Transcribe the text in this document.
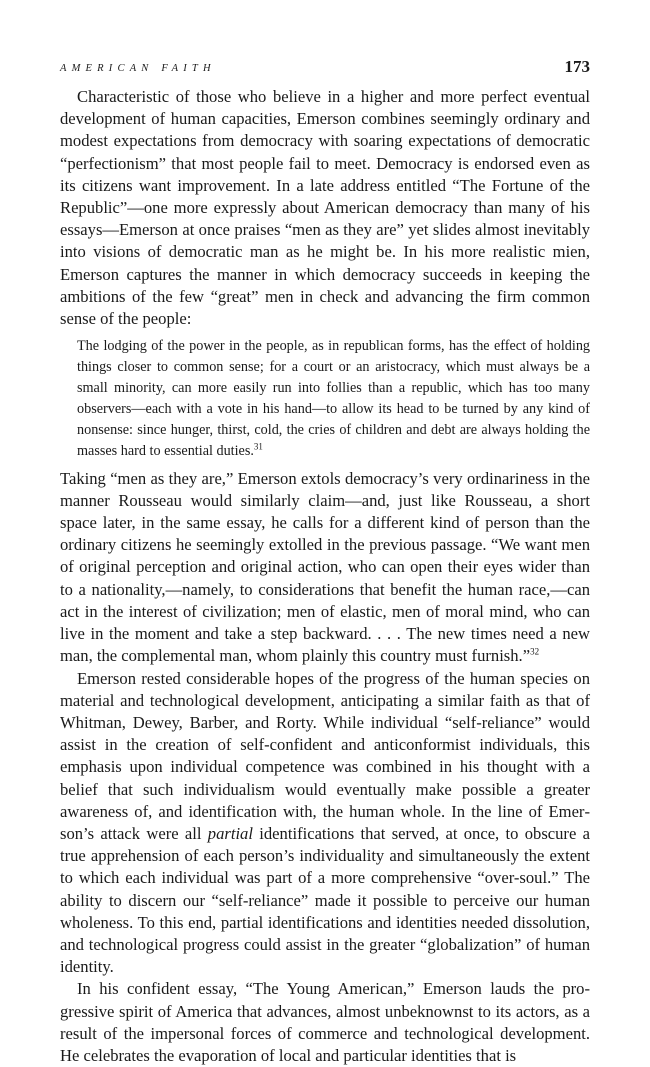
AMERICAN FAITH	173

Characteristic of those who believe in a higher and more perfect eventual development of human capacities, Emerson combines seemingly ordinary and modest expectations from democracy with soaring expectations of democratic “perfectionism” that most people fail to meet. Democracy is endorsed even as its citizens want improvement. In a late address entitled “The Fortune of the Republic”—one more expressly about American democracy than many of his essays—Emerson at once praises “men as they are” yet slides almost inevitably into visions of democratic man as he might be. In his more realistic mien, Emerson captures the manner in which democracy succeeds in keeping the ambitions of the few “great” men in check and advancing the firm common sense of the people:

The lodging of the power in the people, as in republican forms, has the effect of holding things closer to common sense; for a court or an aristocracy, which must always be a small minority, can more easily run into follies than a republic, which has too many observers—each with a vote in his hand—to allow its head to be turned by any kind of nonsense: since hunger, thirst, cold, the cries of children and debt are always holding the masses hard to essential duties.$^{31}$

Taking “men as they are,” Emerson extols democracy’s very ordinariness in the manner Rousseau would similarly claim—and, just like Rousseau, a short space later, in the same essay, he calls for a different kind of person than the ordinary citizens he seemingly extolled in the previous passage. “We want men of original perception and original action, who can open their eyes wider than to a nationality,—namely, to considerations that benefit the human race,—can act in the interest of civilization; men of elastic, men of moral mind, who can live in the moment and take a step backward. . . . The new times need a new man, the complemental man, whom plainly this country must furnish.”$^{32}$

Emerson rested considerable hopes of the progress of the human species on material and technological development, anticipating a similar faith as that of Whitman, Dewey, Barber, and Rorty. While individual “self-reliance” would assist in the creation of self-confident and anticonformist individuals, this emphasis upon individual competence was combined in his thought with a belief that such individualism would eventually make possible a greater awareness of, and identification with, the human whole. In the line of Emerson’s attack were all partial identifications that served, at once, to obscure a true apprehension of each person’s individuality and simultaneously the extent to which each individual was part of a more comprehensive “over-soul.” The ability to discern our “self-reliance” made it possible to perceive our human wholeness. To this end, partial identifications and identities needed dissolution, and technological progress could assist in the greater “globalization” of human identity.

In his confident essay, “The Young American,” Emerson lauds the progressive spirit of America that advances, almost unbeknownst to its actors, as a result of the impersonal forces of commerce and technological development. He celebrates the evaporation of local and particular identities that is
